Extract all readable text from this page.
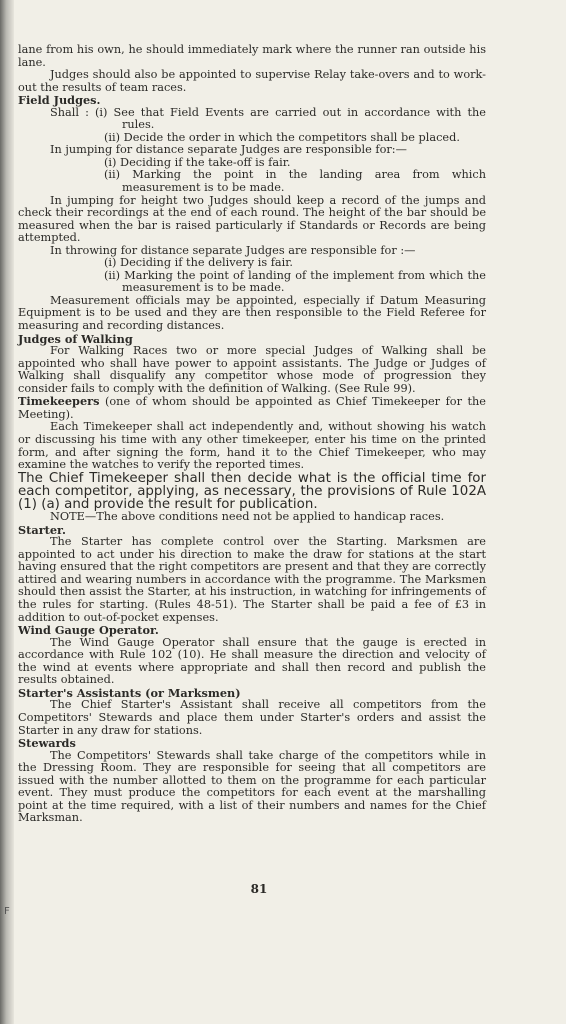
lane from his own, he should immediately mark where the runner ran outside his lane.

Judges should also be appointed to supervise Relay take-overs and to work-out the results of team races.

Field Judges.

Shall : (i) See that Field Events are carried out in accordance with the rules.

(ii) Decide the order in which the competitors shall be placed.

In jumping for distance separate Judges are responsible for:—

(i) Deciding if the take-off is fair.

(ii) Marking the point in the landing area from which measurement is to be made.

In jumping for height two Judges should keep a record of the jumps and check their recordings at the end of each round. The height of the bar should be measured when the bar is raised particularly if Standards or Records are being attempted.

In throwing for distance separate Judges are responsible for :—

(i) Deciding if the delivery is fair.

(ii) Marking the point of landing of the implement from which the measurement is to be made.

Measurement officials may be appointed, especially if Datum Measuring Equipment is to be used and they are then responsible to the Field Referee for measuring and recording distances.

Judges of Walking

For Walking Races two or more special Judges of Walking shall be appointed who shall have power to appoint assistants. The Judge or Judges of Walking shall disqualify any competitor whose mode of progression they consider fails to comply with the definition of Walking. (See Rule 99).

Timekeepers (one of whom should be appointed as Chief Timekeeper for the Meeting).

Each Timekeeper shall act independently and, without showing his watch or discussing his time with any other timekeeper, enter his time on the printed form, and after signing the form, hand it to the Chief Timekeeper, who may examine the watches to verify the reported times.

The Chief Timekeeper shall then decide what is the official time for each competitor, applying, as necessary, the provisions of Rule 102A (1) (a) and provide the result for publication.

NOTE—The above conditions need not be applied to handicap races.

Starter.

The Starter has complete control over the Starting. Marksmen are appointed to act under his direction to make the draw for stations at the start having ensured that the right competitors are present and that they are correctly attired and wearing numbers in accordance with the programme. The Marksmen should then assist the Starter, at his instruction, in watching for infringements of the rules for starting. (Rules 48-51). The Starter shall be paid a fee of £3 in addition to out-of-pocket expenses.

Wind Gauge Operator.

The Wind Gauge Operator shall ensure that the gauge is erected in accordance with Rule 102 (10). He shall measure the direction and velocity of the wind at events where appropriate and shall then record and publish the results obtained.

Starter's Assistants (or Marksmen)

The Chief Starter's Assistant shall receive all competitors from the Competitors' Stewards and place them under Starter's orders and assist the Starter in any draw for stations.

Stewards

The Competitors' Stewards shall take charge of the competitors while in the Dressing Room. They are responsible for seeing that all competitors are issued with the number allotted to them on the programme for each particular event. They must produce the competitors for each event at the marshalling point at the time required, with a list of their numbers and names for the Chief Marksman.

81
F
